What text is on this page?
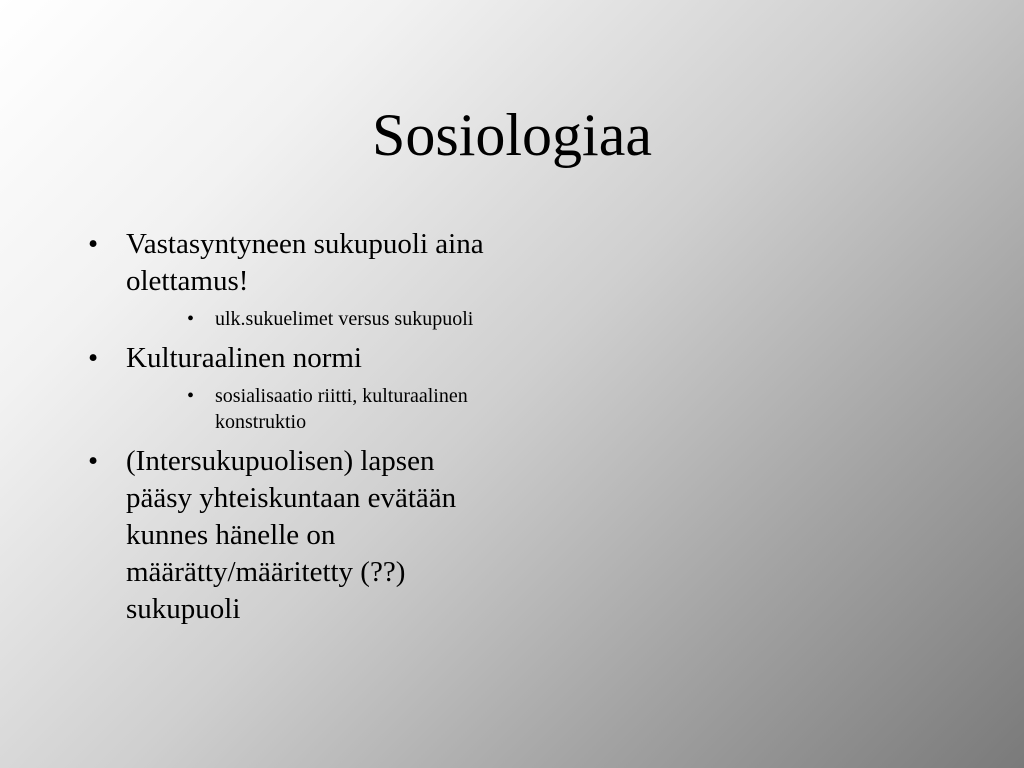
Sosiologiaa
• Vastasyntyneen sukupuoli aina olettamus!
• ulk.sukuelimet versus sukupuoli
• Kulturaalinen normi
• sosialisaatio riitti, kulturaalinen konstruktio
• (Intersukupuolisen) lapsen pääsy yhteiskuntaan evätään kunnes hänelle on määrätty/määritetty (??) sukupuoli
